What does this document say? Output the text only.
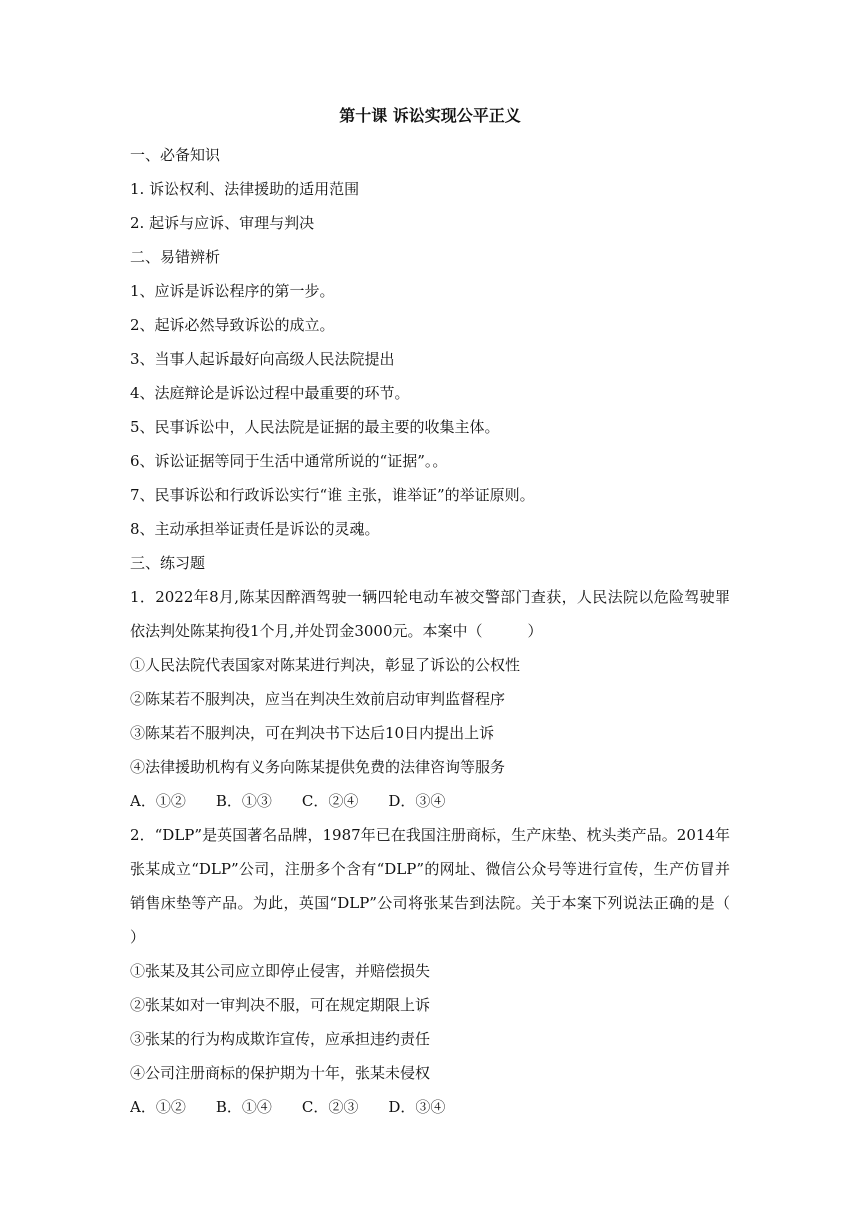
第十课 诉讼实现公平正义
一、必备知识
1. 诉讼权利、法律援助的适用范围
2. 起诉与应诉、审理与判决
二、易错辨析
1、应诉是诉讼程序的第一步。
2、起诉必然导致诉讼的成立。
3、当事人起诉最好向高级人民法院提出
4、法庭辩论是诉讼过程中最重要的环节。
5、民事诉讼中，人民法院是证据的最主要的收集主体。
6、诉讼证据等同于生活中通常所说的“证据”。。
7、民事诉讼和行政诉讼实行“谁 主张，谁举证”的举证原则。
8、主动承担举证责任是诉讼的灵魂。
三、练习题
1．2022年8月,陈某因醉酒驾驶一辆四轮电动车被交警部门查获，人民法院以危险驾驶罪依法判处陈某拘役1个月,并处罚金3000元。本案中（　　　）
①人民法院代表国家对陈某进行判决，彰显了诉讼的公权性
②陈某若不服判决，应当在判决生效前启动审判监督程序
③陈某若不服判决，可在判决书下达后10日内提出上诉
④法律援助机构有义务向陈某提供免费的法律咨询等服务
A．①②　　B．①③　　C．②④　　D．③④
2．“DLP”是英国著名品牌，1987年已在我国注册商标，生产床垫、枕头类产品。2014年张某成立“DLP”公司，注册多个含有“DLP”的网址、微信公众号等进行宣传，生产仿冒并销售床垫等产品。为此，英国“DLP”公司将张某告到法院。关于本案下列说法正确的是（　　　　）
①张某及其公司应立即停止侵害，并赔偿损失
②张某如对一审判决不服，可在规定期限上诉
③张某的行为构成欺诈宣传，应承担违约责任
④公司注册商标的保护期为十年，张某未侵权
A．①②　　B．①④　　C．②③　　D．③④
